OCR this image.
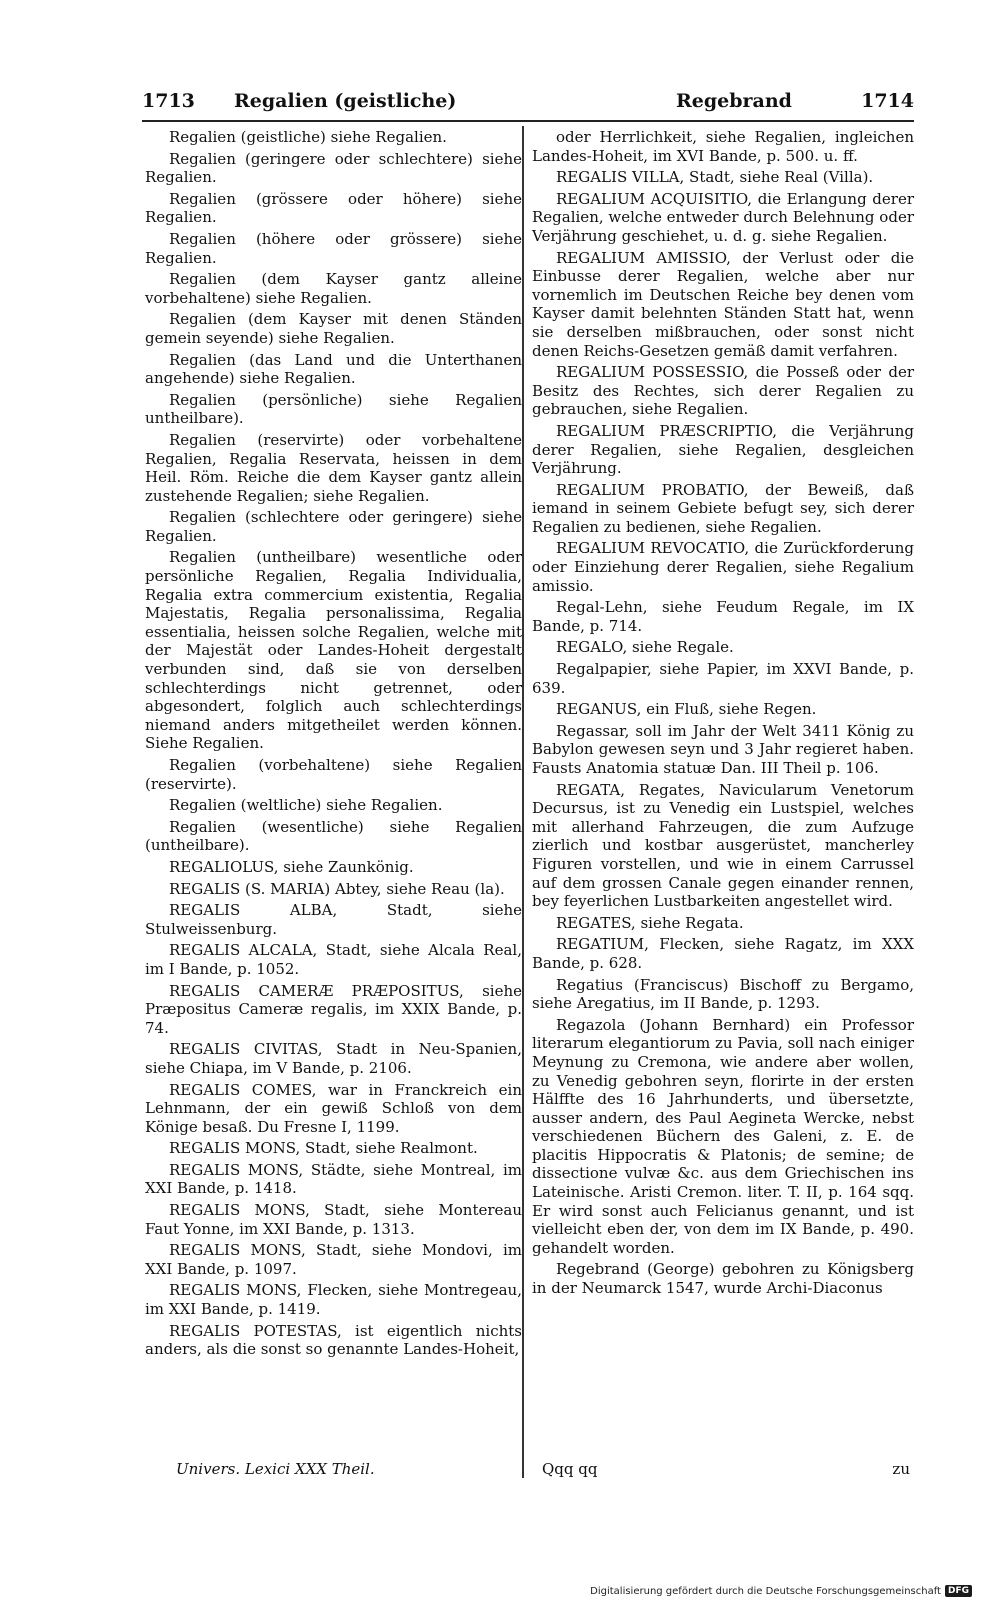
1713 Regalien (geistliche)	Regebrand	1714

Regalien (geistliche) siehe Regalien.

Regalien (geringere oder schlechtere) siehe Regalien.

Regalien (grössere oder höhere) siehe Regalien.

Regalien (höhere oder grössere) siehe Regalien.

Regalien (dem Kayser gantz alleine vorbehaltene) siehe Regalien.

Regalien (dem Kayser mit denen Ständen gemein seyende) siehe Regalien.

Regalien (das Land und die Unterthanen angehende) siehe Regalien.

Regalien (persönliche) siehe Regalien untheilbare).

Regalien (reservirte) oder vorbehaltene Regalien, Regalia Reservata, heissen in dem Heil. Röm. Reiche die dem Kayser gantz allein zustehende Regalien; siehe Regalien.

Regalien (schlechtere oder geringere) siehe Regalien.

Regalien (untheilbare) wesentliche oder persönliche Regalien, Regalia Individualia, Regalia extra commercium existentia, Regalia Majestatis, Regalia personalissima, Regalia essentialia, heissen solche Regalien, welche mit der Majestät oder Landes-Hoheit dergestalt verbunden sind, daß sie von derselben schlechterdings nicht getrennet, oder abgesondert, folglich auch schlechterdings niemand anders mitgetheilet werden können. Siehe Regalien.

Regalien (vorbehaltene) siehe Regalien (reservirte).

Regalien (weltliche) siehe Regalien.

Regalien (wesentliche) siehe Regalien (untheilbare).

REGALIOLUS, siehe Zaunkönig.

REGALIS (S. MARIA) Abtey, siehe Reau (la).

REGALIS ALBA, Stadt, siehe Stulweissenburg.

REGALIS ALCALA, Stadt, siehe Alcala Real, im I Bande, p. 1052.

REGALIS CAMERÆ PRÆPOSITUS, siehe Præpositus Cameræ regalis, im XXIX Bande, p. 74.

REGALIS CIVITAS, Stadt in Neu-Spanien, siehe Chiapa, im V Bande, p. 2106.

REGALIS COMES, war in Franckreich ein Lehnmann, der ein gewiß Schloß von dem Könige besaß. Du Fresne I, 1199.

REGALIS MONS, Stadt, siehe Realmont.

REGALIS MONS, Städte, siehe Montreal, im XXI Bande, p. 1418.

REGALIS MONS, Stadt, siehe Montereau Faut Yonne, im XXI Bande, p. 1313.

REGALIS MONS, Stadt, siehe Mondovi, im XXI Bande, p. 1097.

REGALIS MONS, Flecken, siehe Montregeau, im XXI Bande, p. 1419.

REGALIS POTESTAS, ist eigentlich nichts anders, als die sonst so genannte Landes-Hoheit,

oder Herrlichkeit, siehe Regalien, ingleichen Landes-Hoheit, im XVI Bande, p. 500. u. ff.

REGALIS VILLA, Stadt, siehe Real (Villa).

REGALIUM ACQUISITIO, die Erlangung derer Regalien, welche entweder durch Belehnung oder Verjährung geschiehet, u. d. g. siehe Regalien.

REGALIUM AMISSIO, der Verlust oder die Einbusse derer Regalien, welche aber nur vornemlich im Deutschen Reiche bey denen vom Kayser damit belehnten Ständen Statt hat, wenn sie derselben mißbrauchen, oder sonst nicht denen Reichs-Gesetzen gemäß damit verfahren.

REGALIUM POSSESSIO, die Posseß oder der Besitz des Rechtes, sich derer Regalien zu gebrauchen, siehe Regalien.

REGALIUM PRÆSCRIPTIO, die Verjährung derer Regalien, siehe Regalien, desgleichen Verjährung.

REGALIUM PROBATIO, der Beweiß, daß iemand in seinem Gebiete befugt sey, sich derer Regalien zu bedienen, siehe Regalien.

REGALIUM REVOCATIO, die Zurückforderung oder Einziehung derer Regalien, siehe Regalium amissio.

Regal-Lehn, siehe Feudum Regale, im IX Bande, p. 714.

REGALO, siehe Regale.

Regalpapier, siehe Papier, im XXVI Bande, p. 639.

REGANUS, ein Fluß, siehe Regen.

Regassar, soll im Jahr der Welt 3411 König zu Babylon gewesen seyn und 3 Jahr regieret haben. Fausts Anatomia statuæ Dan. III Theil p. 106.

REGATA, Regates, Navicularum Venetorum Decursus, ist zu Venedig ein Lustspiel, welches mit allerhand Fahrzeugen, die zum Aufzuge zierlich und kostbar ausgerüstet, mancherley Figuren vorstellen, und wie in einem Carrussel auf dem grossen Canale gegen einander rennen, bey feyerlichen Lustbarkeiten angestellet wird.

REGATES, siehe Regata.

REGATIUM, Flecken, siehe Ragatz, im XXX Bande, p. 628.

Regatius (Franciscus) Bischoff zu Bergamo, siehe Aregatius, im II Bande, p. 1293.

Regazola (Johann Bernhard) ein Professor literarum elegantiorum zu Pavia, soll nach einiger Meynung zu Cremona, wie andere aber wollen, zu Venedig gebohren seyn, florirte in der ersten Hälffte des 16 Jahrhunderts, und übersetzte, ausser andern, des Paul Aegineta Wercke, nebst verschiedenen Büchern des Galeni, z. E. de placitis Hippocratis & Platonis; de semine; de dissectione vulvæ &c. aus dem Griechischen ins Lateinische. Aristi Cremon. liter. T. II, p. 164 sqq. Er wird sonst auch Felicianus genannt, und ist vielleicht eben der, von dem im IX Bande, p. 490. gehandelt worden.

Regebrand (George) gebohren zu Königsberg in der Neumarck 1547, wurde Archi-Diaconus

Univers. Lexici XXX Theil.	Qqq qq	zu
Digitalisierung gefördert durch die Deutsche Forschungsgemeinschaft DFG
